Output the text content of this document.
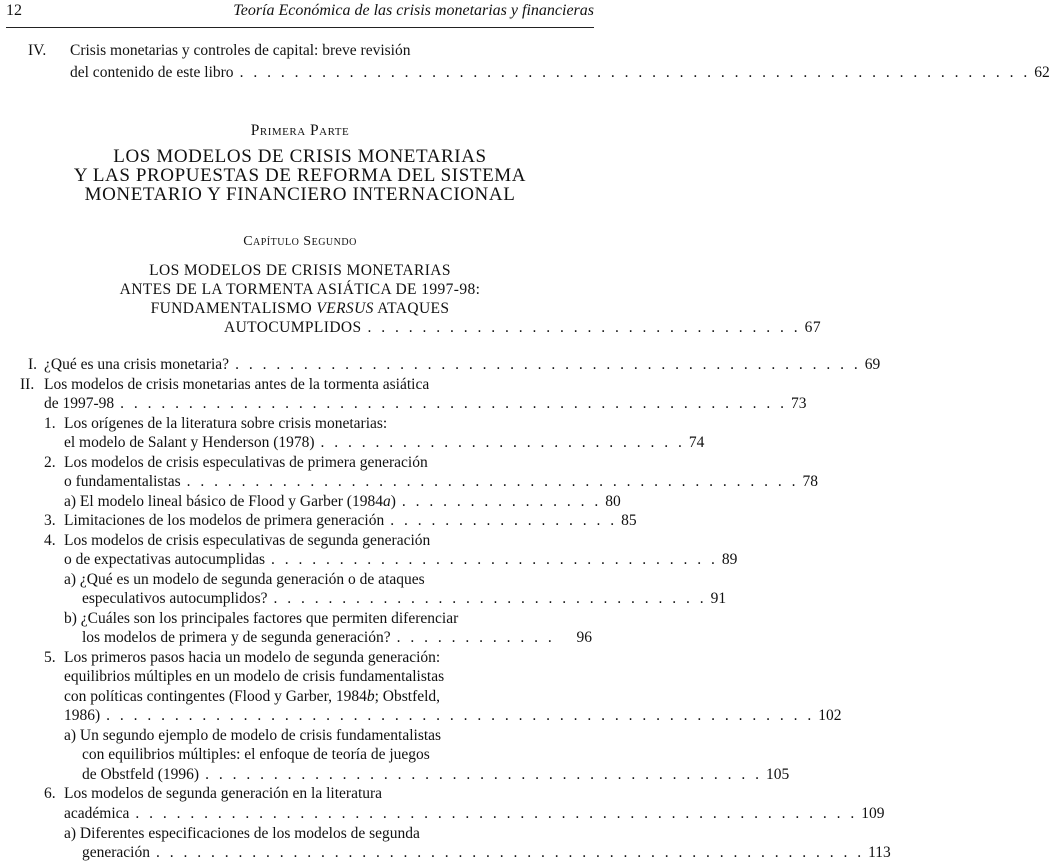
12	Teoría Económica de las crisis monetarias y financieras
IV. Crisis monetarias y controles de capital: breve revisión
del contenido de este libro . . . . . . . . . . . . . . . . . . . . . . . . . . . . . . . . . . . . . . . . . . . . . . . . . . . . . . . . . . 62
Primera Parte
LOS MODELOS DE CRISIS MONETARIAS
Y LAS PROPUESTAS DE REFORMA DEL SISTEMA
MONETARIO Y FINANCIERO INTERNACIONAL
Capítulo Segundo
LOS MODELOS DE CRISIS MONETARIAS
ANTES DE LA TORMENTA ASIÁTICA DE 1997-98:
FUNDAMENTALISMO VERSUS ATAQUES
AUTOCUMPLIDOS . . . . . . . . . . . . . . . . . . . . . . . . . . . . . . . . 67
I. ¿Qué es una crisis monetaria? . . . . . . . . . . . . . . . . . . . . . . . . . . . . . . . . . . . . . . . . . . . . . . 69
II. Los modelos de crisis monetarias antes de la tormenta asiática
de 1997-98 . . . . . . . . . . . . . . . . . . . . . . . . . . . . . . . . . . . . . . . . . . . . . . . . . 73
1. Los orígenes de la literatura sobre crisis monetarias:
el modelo de Salant y Henderson (1978) . . . . . . . . . . . . . . . . . . . . . . . . . . . 74
2. Los modelos de crisis especulativas de primera generación
o fundamentalistas . . . . . . . . . . . . . . . . . . . . . . . . . . . . . . . . . . . . . . . . . . . . . 78
a) El modelo lineal básico de Flood y Garber (1984a) . . . . . . . . . . . . . . . 80
3. Limitaciones de los modelos de primera generación . . . . . . . . . . . . . . . . . 85
4. Los modelos de crisis especulativas de segunda generación
o de expectativas autocumplidas . . . . . . . . . . . . . . . . . . . . . . . . . . . . . . . . . 89
a) ¿Qué es un modelo de segunda generación o de ataques
especulativos autocumplidos? . . . . . . . . . . . . . . . . . . . . . . . . . . . . . . . . 91
b) ¿Cuáles son los principales factores que permiten diferenciar
los modelos de primera y de segunda generación? . . . . . . . . . . . .	96
5. Los primeros pasos hacia un modelo de segunda generación:
equilibrios múltiples en un modelo de crisis fundamentalistas
con políticas contingentes (Flood y Garber, 1984b; Obstfeld,
1986) . . . . . . . . . . . . . . . . . . . . . . . . . . . . . . . . . . . . . . . . . . . . . . . . . . . . 102
a) Un segundo ejemplo de modelo de crisis fundamentalistas
con equilibrios múltiples: el enfoque de teoría de juegos
de Obstfeld (1996) . . . . . . . . . . . . . . . . . . . . . . . . . . . . . . . . . . . . . . . . . 105
6. Los modelos de segunda generación en la literatura
académica . . . . . . . . . . . . . . . . . . . . . . . . . . . . . . . . . . . . . . . . . . . . . . . . . . . . . 109
a) Diferentes especificaciones de los modelos de segunda
generación . . . . . . . . . . . . . . . . . . . . . . . . . . . . . . . . . . . . . . . . . . . . . . . . . . . . 113
